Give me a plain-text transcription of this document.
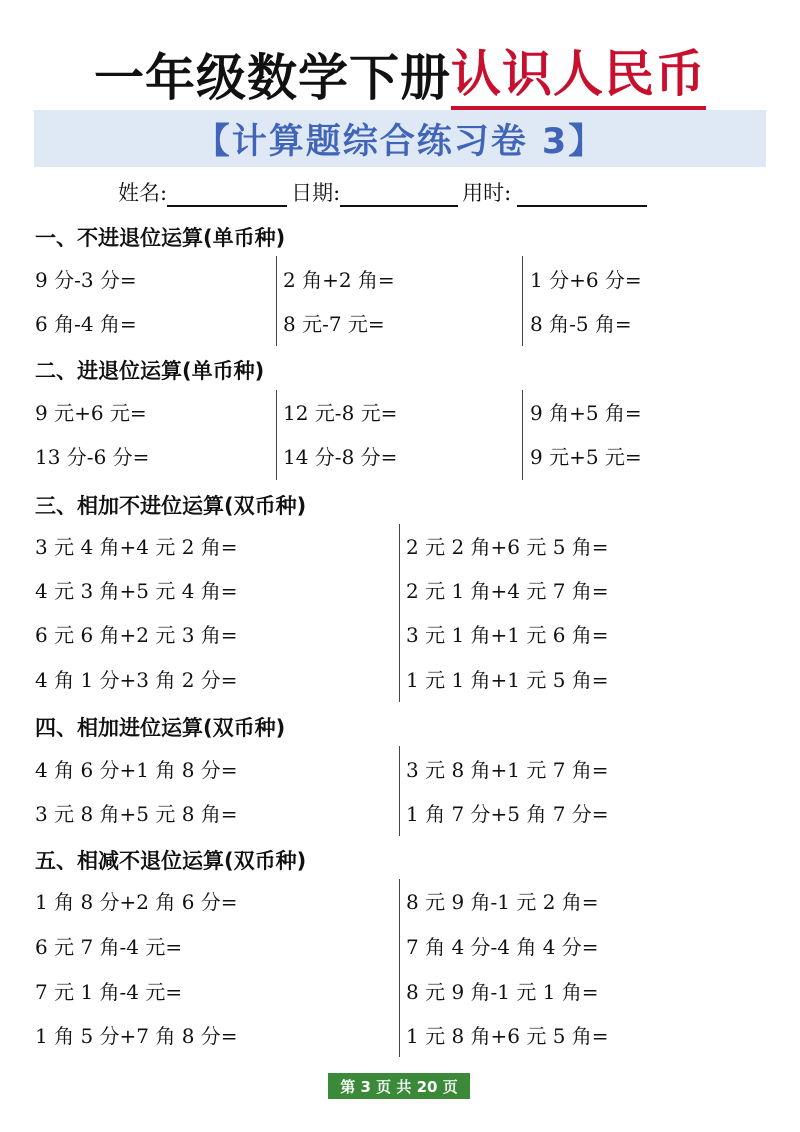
一年级数学下册 认识人民币
【计算题综合练习卷 3】
姓名:	日期:	用时:
一、不进退位运算(单币种)
9 分-3 分=	2 角+2 角=	1 分+6 分=
6 角-4 角=	8 元-7 元=	8 角-5 角=
二、进退位运算(单币种)
9 元+6 元=	12 元-8 元=	9 角+5 角=
13 分-6 分=	14 分-8 分=	9 元+5 元=
三、相加不进位运算(双币种)
3 元 4 角+4 元 2 角=	2 元 2 角+6 元 5 角=
4 元 3 角+5 元 4 角=	2 元 1 角+4 元 7 角=
6 元 6 角+2 元 3 角=	3 元 1 角+1 元 6 角=
4 角 1 分+3 角 2 分=	1 元 1 角+1 元 5 角=
四、相加进位运算(双币种)
4 角 6 分+1 角 8 分=	3 元 8 角+1 元 7 角=
3 元 8 角+5 元 8 角=	1 角 7 分+5 角 7 分=
五、相减不退位运算(双币种)
1 角 8 分+2 角 6 分=	8 元 9 角-1 元 2 角=
6 元 7 角-4 元=	7 角 4 分-4 角 4 分=
7 元 1 角-4 元=	8 元 9 角-1 元 1 角=
1 角 5 分+7 角 8 分=	1 元 8 角+6 元 5 角=
第 3 页 共 20 页
